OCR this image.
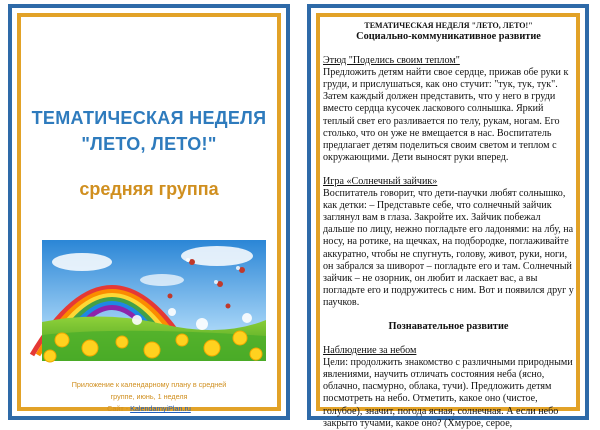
ТЕМАТИЧЕСКАЯ НЕДЕЛЯ
"ЛЕТО, ЛЕТО!"
средняя группа
Приложение к календарному плану в средней
группе, июнь, 1 неделя
Сайт - KalendarnyiPlan.ru
ТЕМАТИЧЕСКАЯ НЕДЕЛЯ "ЛЕТО, ЛЕТО!"
Социально-коммуникативное развитие
Этюд "Поделись своим теплом"

Предложить детям найти свое сердце, прижав обе руки к груди, и прислушаться, как оно стучит: "тук, тук, тук". Затем каждый должен представить, что у него в груди вместо сердца кусочек ласкового солнышка. Яркий теплый свет его разливается по телу, рукам, ногам. Его столько, что он уже не вмещается в нас. Воспитатель предлагает детям поделиться своим светом и теплом с окружающими. Дети выносят руки вперед.

Игра «Солнечный зайчик»

Воспитатель говорит, что дети-паучки любят солнышко, как детки: – Представьте себе, что солнечный зайчик заглянул вам в глаза. Закройте их. Зайчик побежал дальше по лицу, нежно погладьте его ладонями: на лбу, на носу, на ротике, на щечках, на подбородке, поглаживайте аккуратно, чтобы не спугнуть, голову, живот, руки, ноги, он забрался за шиворот – погладьте его и там. Солнечный зайчик – не озорник, он любит и ласкает вас, а вы погладьте его и подружитесь с ним. Вот и появился друг у паучков.

Познавательное развитие
Наблюдение за небом

Цели: продолжить знакомство с различными природными явлениями, научить отличать состояния неба (ясно, облачно, пасмурно, облака, тучи). Предложить детям посмотреть на небо. Отметить, какое оно (чистое, голубое), значит, погода ясная, солнечная. А если небо закрыто тучами, какое оно? (Хмурое, серое,
